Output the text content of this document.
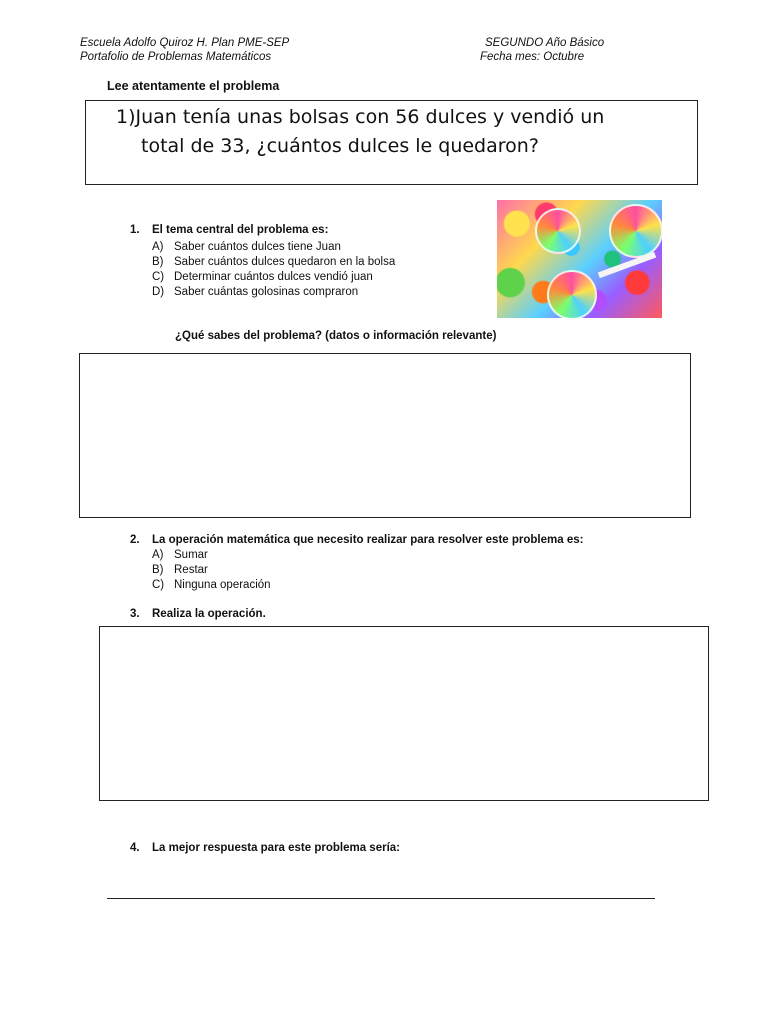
Escuela Adolfo Quiroz H. Plan PME-SEP
Portafolio de Problemas Matemáticos
SEGUNDO Año Básico
Fecha mes: Octubre
Lee atentamente el problema
1)Juan tenía unas bolsas con 56 dulces y vendió un
total de 33, ¿cuántos dulces le quedaron?
1. El tema central del problema es:
A) Saber cuántos dulces tiene Juan
B) Saber cuántos dulces quedaron en la bolsa
C) Determinar cuántos dulces vendió juan
D) Saber cuántas golosinas compraron
¿Qué sabes del problema? (datos o información relevante)
2. La operación matemática que necesito realizar para resolver este problema es:
A) Sumar
B) Restar
C) Ninguna operación
3. Realiza la operación.
4. La mejor respuesta para este problema sería:
